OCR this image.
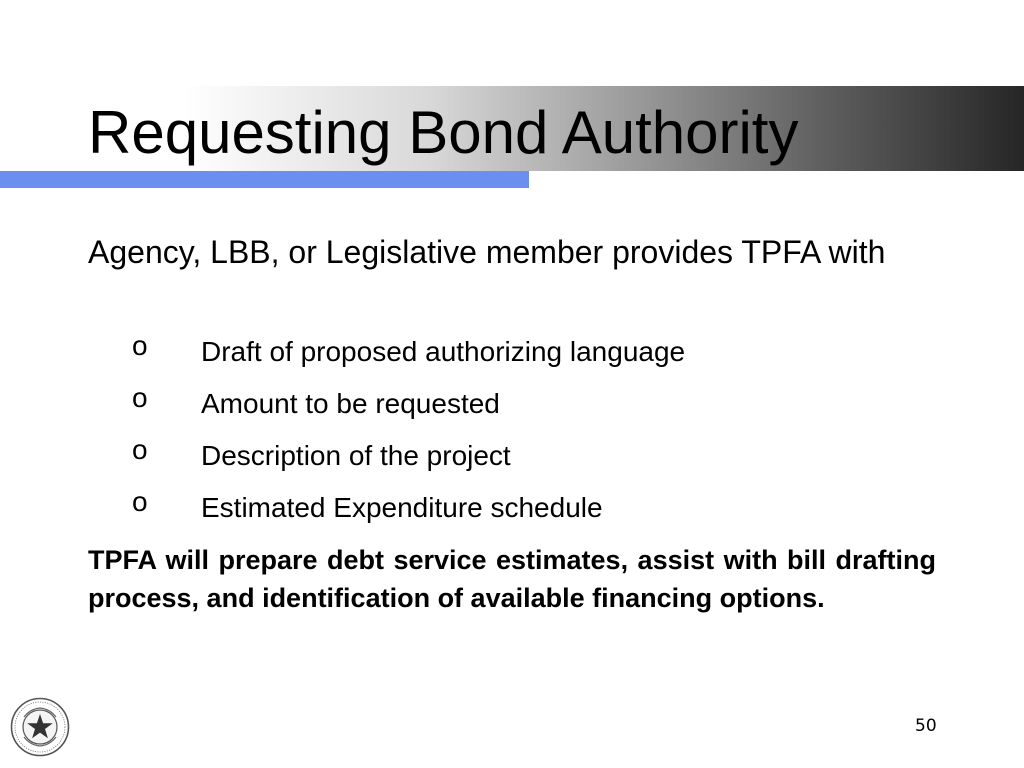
Requesting Bond Authority

Agency, LBB, or Legislative member provides TPFA with

o Draft of proposed authorizing language
o Amount to be requested
o Description of the project
o Estimated Expenditure schedule

TPFA will prepare debt service estimates, assist with bill drafting process, and identification of available financing options.

50
